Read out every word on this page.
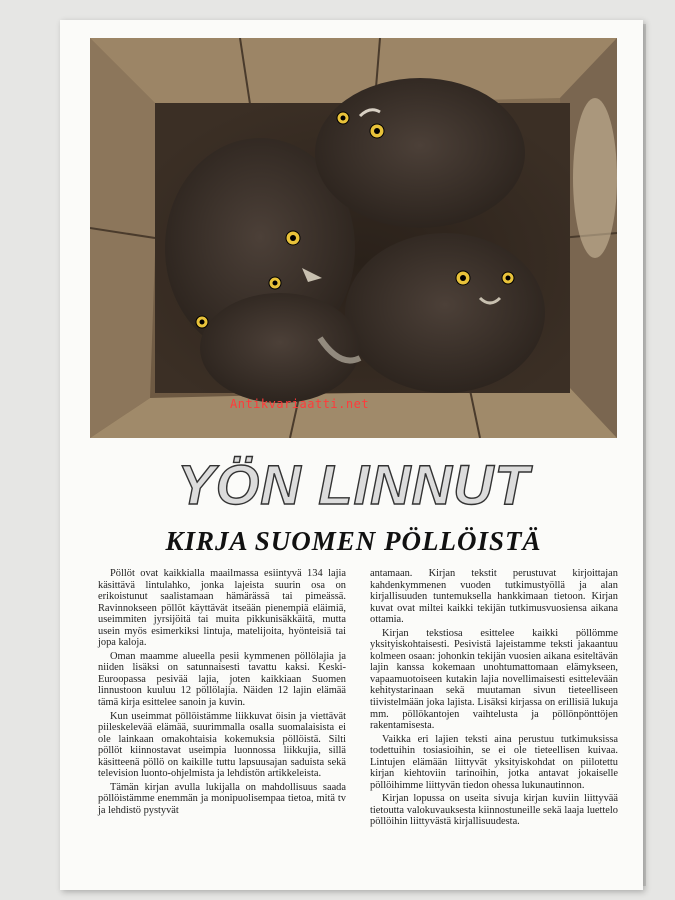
Antikvariaatti.net
YÖN LINNUT
KIRJA SUOMEN PÖLLÖISTÄ

Pöllöt ovat kaikkialla maailmassa esiintyvä 134 lajia käsittävä lintulahko, jonka lajeista suurin osa on erikoistunut saalistamaan hämärässä tai pimeässä. Ravinnokseen pöllöt käyttävät itseään pienempiä eläimiä, useimmiten jyrsijöitä tai muita pikkunisäkkäitä, mutta usein myös esimerkiksi lintuja, matelijoita, hyönteisiä tai jopa kaloja.

Oman maamme alueella pesii kymmenen pöllölajia ja niiden lisäksi on satunnaisesti tavattu kaksi. Keski-Euroopassa pesivää lajia, joten kaikkiaan Suomen linnustoon kuuluu 12 pöllölajia. Näiden 12 lajin elämää tämä kirja esittelee sanoin ja kuvin.

Kun useimmat pöllöistämme liikkuvat öisin ja viettävät piileskelevää elämää, suurimmalla osalla suomalaisista ei ole lainkaan omakohtaisia kokemuksia pöllöistä. Silti pöllöt kiinnostavat useimpia luonnossa liikkujia, sillä käsitteenä pöllö on kaikille tuttu lapsuusajan saduista sekä television luonto-ohjelmista ja lehdistön artikkeleista.

Tämän kirjan avulla lukijalla on mahdollisuus saada pöllöistämme enemmän ja monipuolisempaa tietoa, mitä tv ja lehdistö pystyvät

antamaan. Kirjan tekstit perustuvat kirjoittajan kahdenkymmenen vuoden tutkimustyöllä ja alan kirjallisuuden tuntemuksella hankkimaan tietoon. Kirjan kuvat ovat miltei kaikki tekijän tutkimusvuosiensa aikana ottamia.

Kirjan tekstiosa esittelee kaikki pöllömme yksityiskohtaisesti. Pesivistä lajeistamme teksti jakaantuu kolmeen osaan: johonkin tekijän vuosien aikana esiteltävän lajin kanssa kokemaan unohtumattomaan elämykseen, vapaamuotoiseen kutakin lajia novellimaisesti esittelevään kehitystarinaan sekä muutaman sivun tieteelliseen tiivistelmään joka lajista. Lisäksi kirjassa on erillisiä lukuja mm. pöllökantojen vaihtelusta ja pöllönpönttöjen rakentamisesta.

Vaikka eri lajien teksti aina perustuu tutkimuksissa todettuihin tosiasioihin, se ei ole tieteellisen kuivaa. Lintujen elämään liittyvät yksityiskohdat on piilotettu kirjan kiehtoviin tarinoihin, jotka antavat jokaiselle pöllöihimme liittyvän tiedon ohessa lukunautinnon.

Kirjan lopussa on useita sivuja kirjan kuviin liittyvää tietoutta valokuvauksesta kiinnostuneille sekä laaja luettelo pöllöihin liittyvästä kirjallisuudesta.
